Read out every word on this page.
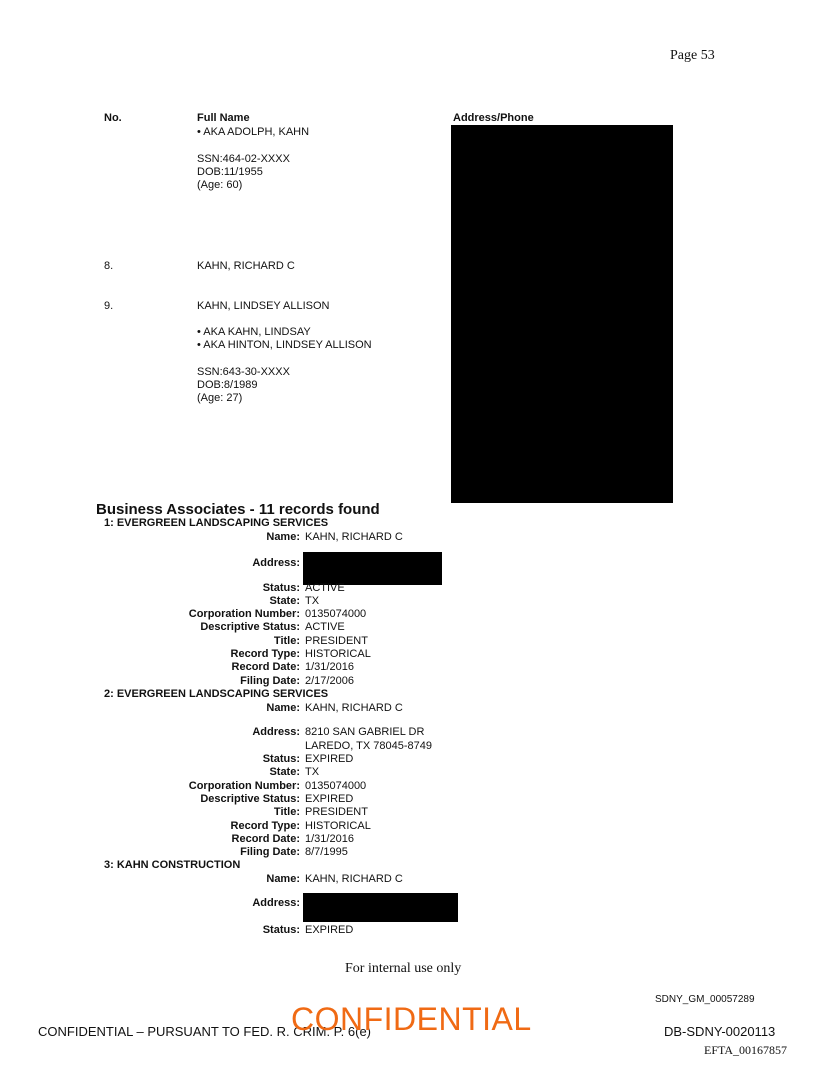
Page 53
No.	Full Name	Address/Phone
• AKA ADOLPH, KAHN
SSN:464-02-XXXX
DOB:11/1955
(Age: 60)
8.	KAHN, RICHARD C
9.	KAHN, LINDSEY ALLISON
• AKA KAHN, LINDSAY
• AKA HINTON, LINDSEY ALLISON
SSN:643-30-XXXX
DOB:8/1989
(Age: 27)
Business Associates - 11 records found
1: EVERGREEN LANDSCAPING SERVICES
Name: KAHN, RICHARD C
Address:
Status: ACTIVE
State: TX
Corporation Number: 0135074000
Descriptive Status: ACTIVE
Title: PRESIDENT
Record Type: HISTORICAL
Record Date: 1/31/2016
Filing Date: 2/17/2006
2: EVERGREEN LANDSCAPING SERVICES
Name: KAHN, RICHARD C
Address: 8210 SAN GABRIEL DR
LAREDO, TX 78045-8749
Status: EXPIRED
State: TX
Corporation Number: 0135074000
Descriptive Status: EXPIRED
Title: PRESIDENT
Record Type: HISTORICAL
Record Date: 1/31/2016
Filing Date: 8/7/1995
3: KAHN CONSTRUCTION
Name: KAHN, RICHARD C
Address:
Status: EXPIRED
For internal use only
SDNY_GM_00057289
CONFIDENTIAL – PURSUANT TO FED. R. CRIM. P. 6(e)
CONFIDENTIAL	DB-SDNY-0020113
EFTA_00167857
